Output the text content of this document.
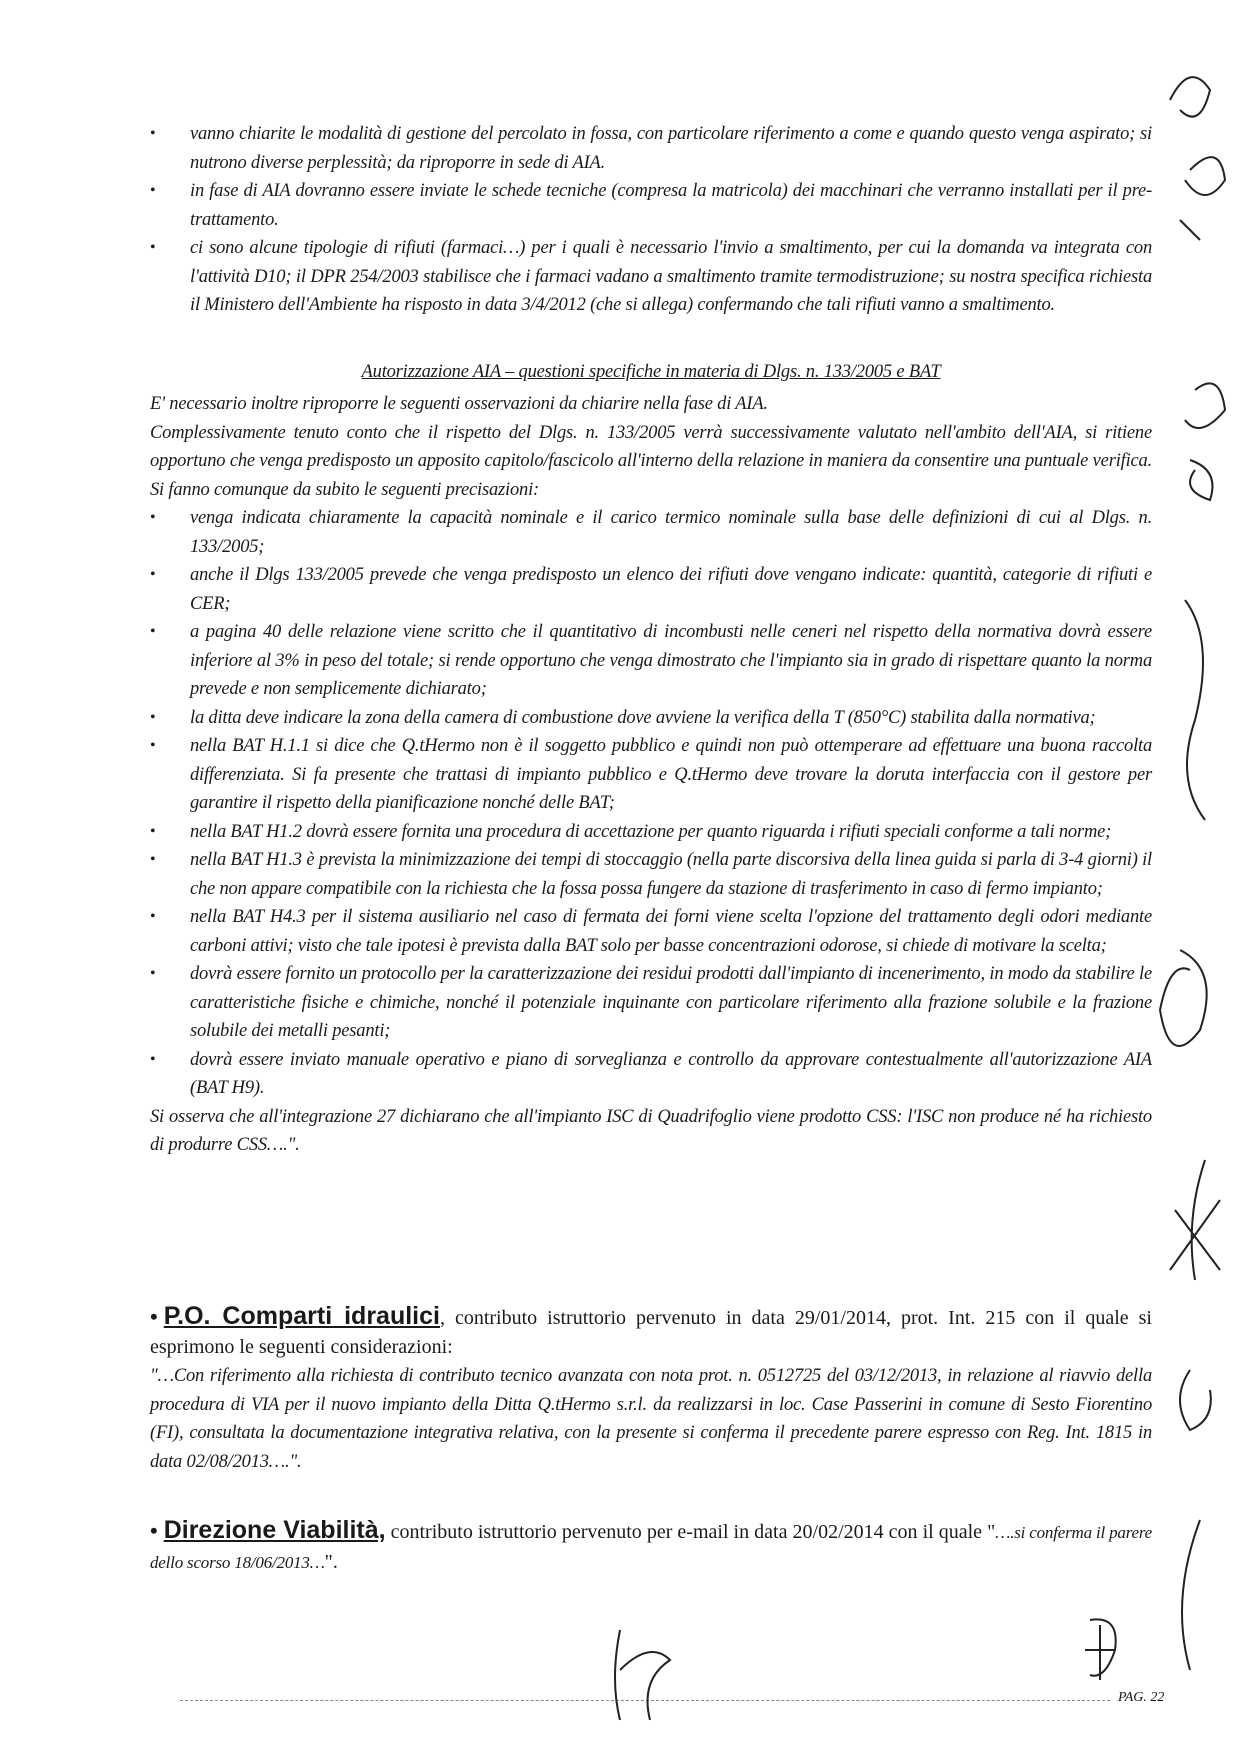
• vanno chiarite le modalità di gestione del percolato in fossa, con particolare riferimento a come e quando questo venga aspirato; si nutrono diverse perplessità; da riproporre in sede di AIA.
• in fase di AIA dovranno essere inviate le schede tecniche (compresa la matricola) dei macchinari che verranno installati per il pre-trattamento.
• ci sono alcune tipologie di rifiuti (farmaci…) per i quali è necessario l'invio a smaltimento, per cui la domanda va integrata con l'attività D10; il DPR 254/2003 stabilisce che i farmaci vadano a smaltimento tramite termodistruzione; su nostra specifica richiesta il Ministero dell'Ambiente ha risposto in data 3/4/2012 (che si allega) confermando che tali rifiuti vanno a smaltimento.
Autorizzazione AIA – questioni specifiche in materia di Dlgs. n. 133/2005 e BAT
E' necessario inoltre riproporre le seguenti osservazioni da chiarire nella fase di AIA.
Complessivamente tenuto conto che il rispetto del Dlgs. n. 133/2005 verrà successivamente valutato nell'ambito dell'AIA, si ritiene opportuno che venga predisposto un apposito capitolo/fascicolo all'interno della relazione in maniera da consentire una puntuale verifica. Si fanno comunque da subito le seguenti precisazioni:
• venga indicata chiaramente la capacità nominale e il carico termico nominale sulla base delle definizioni di cui al Dlgs. n. 133/2005;
• anche il Dlgs 133/2005 prevede che venga predisposto un elenco dei rifiuti dove vengano indicate: quantità, categorie di rifiuti e CER;
• a pagina 40 delle relazione viene scritto che il quantitativo di incombusti nelle ceneri nel rispetto della normativa dovrà essere inferiore al 3% in peso del totale; si rende opportuno che venga dimostrato che l'impianto sia in grado di rispettare quanto la norma prevede e non semplicemente dichiarato;
• la ditta deve indicare la zona della camera di combustione dove avviene la verifica della T (850°C) stabilita dalla normativa;
• nella BAT H.1.1 si dice che Q.tHermo non è il soggetto pubblico e quindi non può ottemperare ad effettuare una buona raccolta differenziata. Si fa presente che trattasi di impianto pubblico e Q.tHermo deve trovare la doruta interfaccia con il gestore per garantire il rispetto della pianificazione nonché delle BAT;
• nella BAT H1.2 dovrà essere fornita una procedura di accettazione per quanto riguarda i rifiuti speciali conforme a tali norme;
• nella BAT H1.3 è prevista la minimizzazione dei tempi di stoccaggio (nella parte discorsiva della linea guida si parla di 3-4 giorni) il che non appare compatibile con la richiesta che la fossa possa fungere da stazione di trasferimento in caso di fermo impianto;
• nella BAT H4.3 per il sistema ausiliario nel caso di fermata dei forni viene scelta l'opzione del trattamento degli odori mediante carboni attivi; visto che tale ipotesi è prevista dalla BAT solo per basse concentrazioni odorose, si chiede di motivare la scelta;
• dovrà essere fornito un protocollo per la caratterizzazione dei residui prodotti dall'impianto di incenerimento, in modo da stabilire le caratteristiche fisiche e chimiche, nonché il potenziale inquinante con particolare riferimento alla frazione solubile e la frazione solubile dei metalli pesanti;
• dovrà essere inviato manuale operativo e piano di sorveglianza e controllo da approvare contestualmente all'autorizzazione AIA (BAT H9).
Si osserva che all'integrazione 27 dichiarano che all'impianto ISC di Quadrifoglio viene prodotto CSS: l'ISC non produce né ha richiesto di produrre CSS….".
• P.O. Comparti idraulici, contributo istruttorio pervenuto in data 29/01/2014, prot. Int. 215 con il quale si esprimono le seguenti considerazioni:
"…Con riferimento alla richiesta di contributo tecnico avanzata con nota prot. n. 0512725 del 03/12/2013, in relazione al riavvio della procedura di VIA per il nuovo impianto della Ditta Q.tHermo s.r.l. da realizzarsi in loc. Case Passerini in comune di Sesto Fiorentino (FI), consultata la documentazione integrativa relativa, con la presente si conferma il precedente parere espresso con Reg. Int. 1815 in data 02/08/2013….".
• Direzione Viabilità, contributo istruttorio pervenuto per e-mail in data 20/02/2014 con il quale "….si conferma il parere dello scorso 18/06/2013…".
PAG. 22
